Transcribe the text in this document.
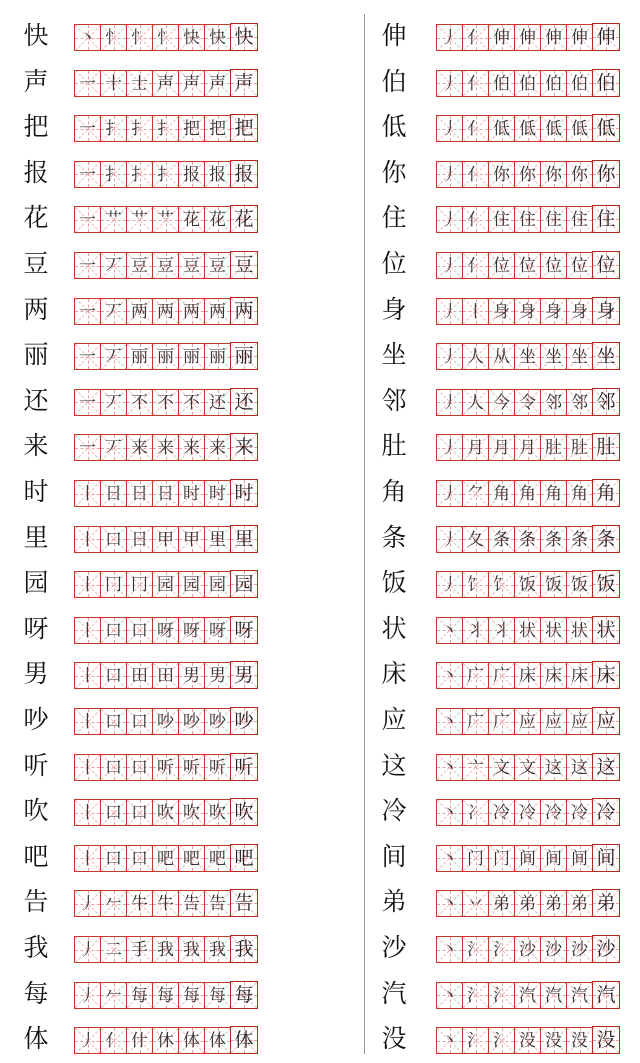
快	丶 忄 忄 忄 快 快 快
声	一 十 士 声 声 声 声
把	一 扌 扌 扌 把 把 把
报	一 扌 扌 扌 报 报 报
花	一 艹 艹 艹 花 花 花
豆	一 丆 豆 豆 豆 豆 豆
两	一 丆 两 两 两 两 两
丽	一 丆 丽 丽 丽 丽 丽
还	一 丆 不 不 不 还 还
来	一 丆 来 来 来 来 来
时	丨 日 日 日 时 时 时
里	丨 口 日 甲 甲 里 里
园	丨 冂 冂 园 园 园 园
呀	丨 口 口 呀 呀 呀 呀
男	丨 口 田 田 男 男 男
吵	丨 口 口 吵 吵 吵 吵
听	丨 口 口 听 听 听 听
吹	丨 口 口 吹 吹 吹 吹
吧	丨 口 口 吧 吧 吧 吧
告	丿 𠂉 牛 牛 告 告 告
我	丿 二 手 我 我 我 我
每	丿 𠂉 每 每 每 每 每
体	丿 亻 什 休 体 体 体
伸	丿 亻 伸 伸 伸 伸 伸
伯	丿 亻 伯 伯 伯 伯 伯
低	丿 亻 低 低 低 低 低
你	丿 亻 你 你 你 你 你
住	丿 亻 住 住 住 住 住
位	丿 亻 位 位 位 位 位
身	丿 丨 身 身 身 身 身
坐	丿 人 从 坐 坐 坐 坐
邻	丿 人 今 令 邻 邻 邻
肚	丿 月 月 月 肚 肚 肚
角	丿 ⺈ 角 角 角 角 角
条	丿 夂 条 条 条 条 条
饭	丿 饣 饣 饭 饭 饭 饭
状	丶 丬 丬 状 状 状 状
床	丶 广 广 床 床 床 床
应	丶 广 广 应 应 应 应
这	丶 亠 文 文 这 这 这
冷	丶 冫 冷 冷 冷 冷 冷
间	丶 门 门 间 间 间 间
弟	丶 丷 弟 弟 弟 弟 弟
沙	丶 氵 氵 沙 沙 沙 沙
汽	丶 氵 氵 汽 汽 汽 汽
没	丶 氵 氵 没 没 没 没
